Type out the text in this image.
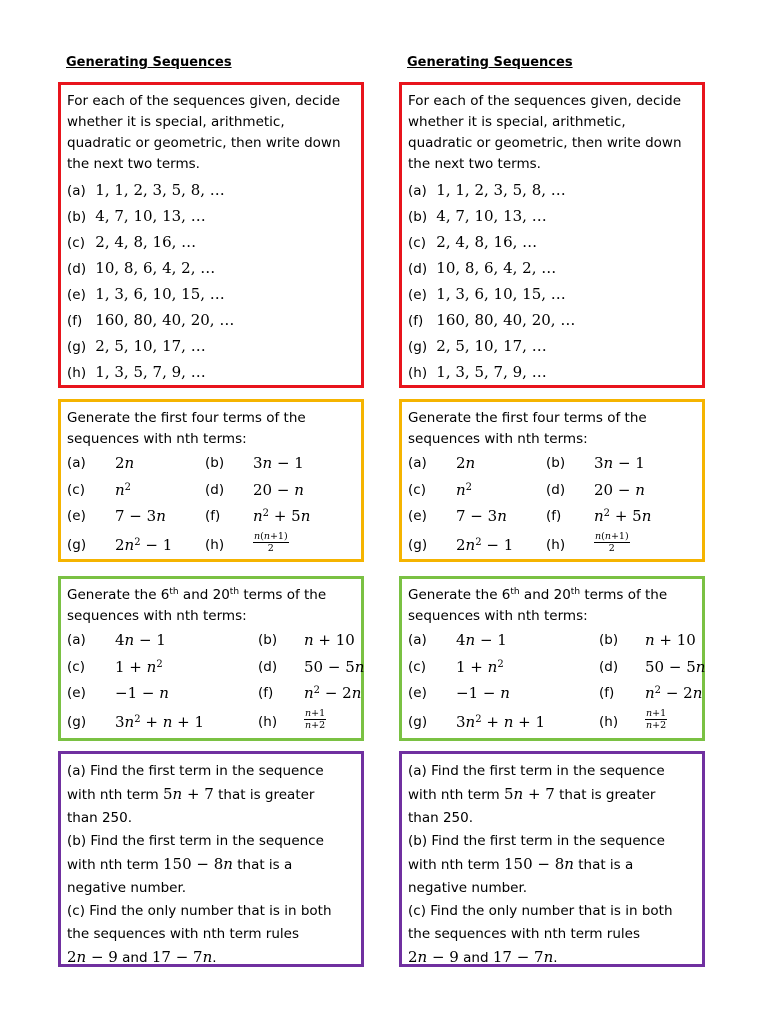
Generating Sequences
For each of the sequences given, decide
whether it is special, arithmetic,
quadratic or geometric, then write down
the next two terms.
(a) 1, 1, 2, 3, 5, 8, …
(b) 4, 7, 10, 13, …
(c) 2, 4, 8, 16, …
(d) 10, 8, 6, 4, 2, …
(e) 1, 3, 6, 10, 15, …
(f) 160, 80, 40, 20, …
(g) 2, 5, 10, 17, …
(h) 1, 3, 5, 7, 9, …
Generate the first four terms of the
sequences with nth terms:
(a) 2𝑛	(b) 3𝑛 − 1
(c) 𝑛$^2$	(d) 20 − 𝑛
(e) 7 − 3𝑛	(f) 𝑛$^2$ + 5𝑛
(g) 2𝑛$^2$ − 1 (h)	$\frac{\text{𝑛(𝑛+1)}}{2}$
Generate the 6th and 20th terms of the
sequences with nth terms:
(a) 4𝑛 − 1	(b) 𝑛 + 10
(c) 1 + 𝑛$^2$	(d) 50 − 5𝑛
(e) −1 − 𝑛	(f) 𝑛$^2$ − 2𝑛
(g) 3𝑛$^2$ + 𝑛 + 1	(h)	$\frac{\text{𝑛+1}}{\text{𝑛+2}}$
(a) Find the first term in the sequence
with nth term 5𝑛 + 7 that is greater
than 250.
(b) Find the first term in the sequence
with nth term 150 − 8𝑛 that is a
negative number.
(c) Find the only number that is in both
the sequences with nth term rules
2𝑛 − 9 and 17 − 7𝑛.
Generating Sequences
For each of the sequences given, decide
whether it is special, arithmetic,
quadratic or geometric, then write down
the next two terms.
(a) 1, 1, 2, 3, 5, 8, …
(b) 4, 7, 10, 13, …
(c) 2, 4, 8, 16, …
(d) 10, 8, 6, 4, 2, …
(e) 1, 3, 6, 10, 15, …
(f) 160, 80, 40, 20, …
(g) 2, 5, 10, 17, …
(h) 1, 3, 5, 7, 9, …
Generate the first four terms of the
sequences with nth terms:
(a) 2𝑛	(b) 3𝑛 − 1
(c) 𝑛$^2$	(d) 20 − 𝑛
(e) 7 − 3𝑛	(f) 𝑛$^2$ + 5𝑛
(g) 2𝑛$^2$ − 1 (h)	$\frac{\text{𝑛(𝑛+1)}}{2}$
Generate the 6th and 20th terms of the
sequences with nth terms:
(a) 4𝑛 − 1	(b) 𝑛 + 10
(c) 1 + 𝑛$^2$	(d) 50 − 5𝑛
(e) −1 − 𝑛	(f) 𝑛$^2$ − 2𝑛
(g) 3𝑛$^2$ + 𝑛 + 1	(h)	$\frac{\text{𝑛+1}}{\text{𝑛+2}}$
(a) Find the first term in the sequence
with nth term 5𝑛 + 7 that is greater
than 250.
(b) Find the first term in the sequence
with nth term 150 − 8𝑛 that is a
negative number.
(c) Find the only number that is in both
the sequences with nth term rules
2𝑛 − 9 and 17 − 7𝑛.
